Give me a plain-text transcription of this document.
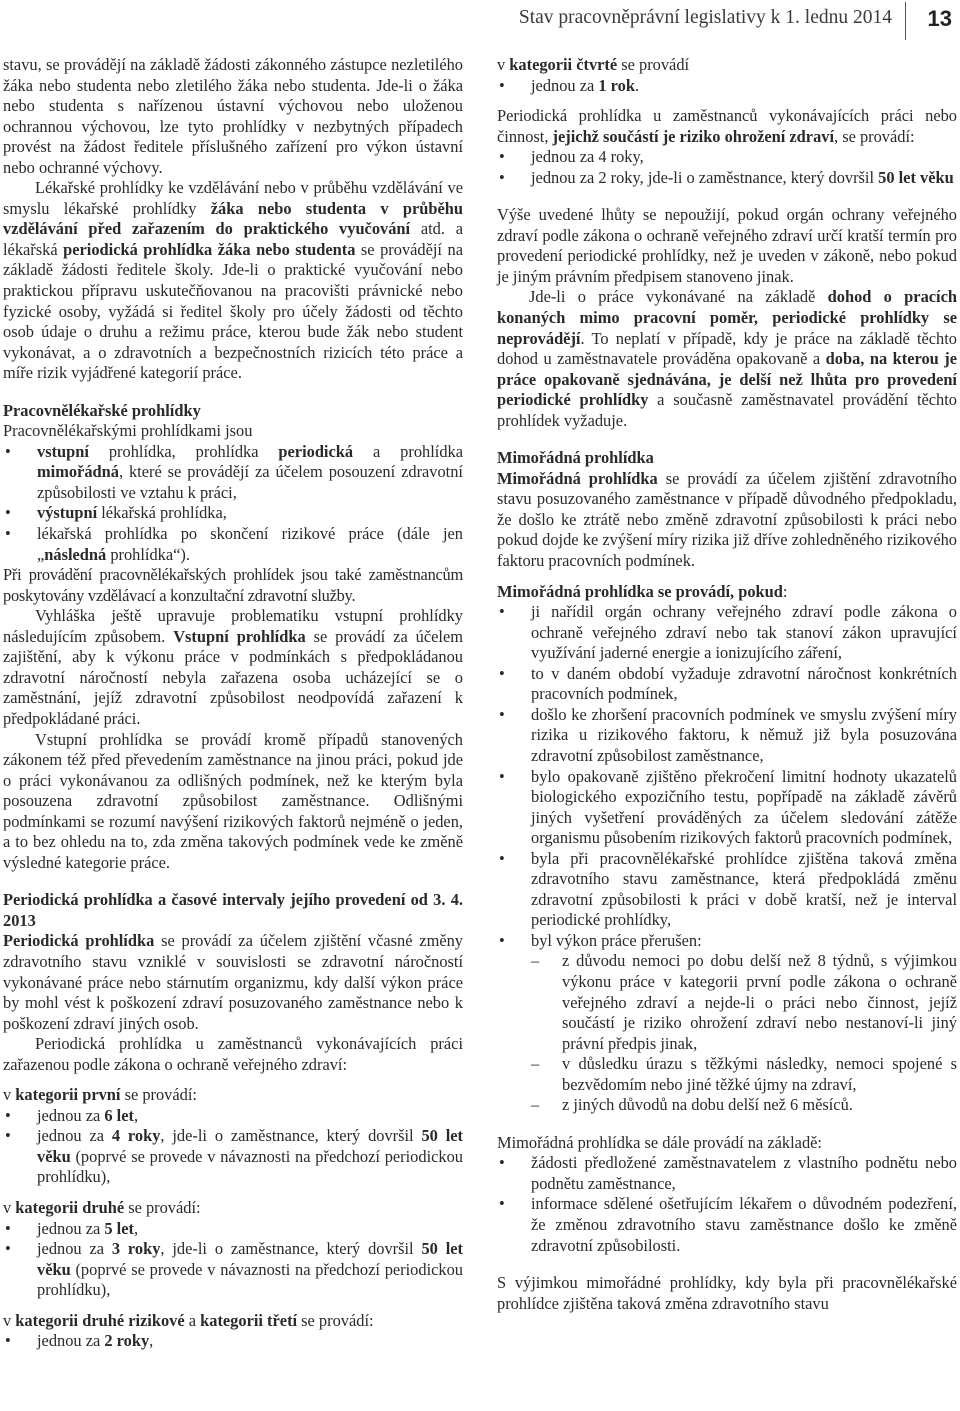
Stav pracovněprávní legislativy k 1. lednu 2014 13

stavu, se provádějí na základě žádosti zákonného zástupce nezletilého žáka nebo studenta nebo zletilého žáka nebo studenta. Jde-li o žáka nebo studenta s nařízenou ústavní výchovou nebo uloženou ochrannou výchovou, lze tyto prohlídky v nezbytných případech provést na žádost ředitele příslušného zařízení pro výkon ústavní nebo ochranné výchovy.

Lékařské prohlídky ke vzdělávání nebo v průběhu vzdělávání ve smyslu lékařské prohlídky žáka nebo studenta v průběhu vzdělávání před zařazením do praktického vyučování atd. a lékařská periodická prohlídka žáka nebo studenta se provádějí na základě žádosti ředitele školy. Jde-li o praktické vyučování nebo praktickou přípravu uskutečňovanou na pracovišti právnické nebo fyzické osoby, vyžádá si ředitel školy pro účely žádosti od těchto osob údaje o druhu a režimu práce, kterou bude žák nebo student vykonávat, a o zdravotních a bezpečnostních rizicích této práce a míře rizik vyjádřené kategorií práce.

Pracovnělékařské prohlídky

Pracovnělékařskými prohlídkami jsou

• vstupní prohlídka, prohlídka periodická a prohlídka mimořádná, které se provádějí za účelem posouzení zdravotní způsobilosti ve vztahu k práci,
• výstupní lékařská prohlídka,
• lékařská prohlídka po skončení rizikové práce (dále jen „následná prohlídka“).

Při provádění pracovnělékařských prohlídek jsou také zaměstnancům poskytovány vzdělávací a konzultační zdravotní služby.

Vyhláška ještě upravuje problematiku vstupní prohlídky následujícím způsobem. Vstupní prohlídka se provádí za účelem zajištění, aby k výkonu práce v podmínkách s předpokládanou zdravotní náročností nebyla zařazena osoba ucházející se o zaměstnání, jejíž zdravotní způsobilost neodpovídá zařazení k předpokládané práci.

Vstupní prohlídka se provádí kromě případů stanovených zákonem též před převedením zaměstnance na jinou práci, pokud jde o práci vykonávanou za odlišných podmínek, než ke kterým byla posouzena zdravotní způsobilost zaměstnance. Odlišnými podmínkami se rozumí navýšení rizikových faktorů nejméně o jeden, a to bez ohledu na to, zda změna takových podmínek vede ke změně výsledné kategorie práce.

Periodická prohlídka a časové intervaly jejího provedení od 3. 4. 2013

Periodická prohlídka se provádí za účelem zjištění včasné změny zdravotního stavu vzniklé v souvislosti se zdravotní náročností vykonávané práce nebo stárnutím organizmu, kdy další výkon práce by mohl vést k poškození zdraví posuzovaného zaměstnance nebo k poškození zdraví jiných osob.

Periodická prohlídka u zaměstnanců vykonávajících práci zařazenou podle zákona o ochraně veřejného zdraví:

v kategorii první se provádí:

• jednou za 6 let,
• jednou za 4 roky, jde-li o zaměstnance, který dovršil 50 let věku (poprvé se provede v návaznosti na předchozí periodickou prohlídku),

v kategorii druhé se provádí:

• jednou za 5 let,
• jednou za 3 roky, jde-li o zaměstnance, který dovršil 50 let věku (poprvé se provede v návaznosti na předchozí periodickou prohlídku),

v kategorii druhé rizikové a kategorii třetí se provádí:

• jednou za 2 roky,

v kategorii čtvrté se provádí

• jednou za 1 rok.

Periodická prohlídka u zaměstnanců vykonávajících práci nebo činnost, jejichž součástí je riziko ohrožení zdraví, se provádí:

• jednou za 4 roky,
• jednou za 2 roky, jde-li o zaměstnance, který dovršil 50 let věku

Výše uvedené lhůty se nepoužijí, pokud orgán ochrany veřejného zdraví podle zákona o ochraně veřejného zdraví určí kratší termín pro provedení periodické prohlídky, než je uveden v zákoně, nebo pokud je jiným právním předpisem stanoveno jinak.

Jde-li o práce vykonávané na základě dohod o pracích konaných mimo pracovní poměr, periodické prohlídky se neprovádějí. To neplatí v případě, kdy je práce na základě těchto dohod u zaměstnavatele prováděna opakovaně a doba, na kterou je práce opakovaně sjednávána, je delší než lhůta pro provedení periodické prohlídky a současně zaměstnavatel provádění těchto prohlídek vyžaduje.

Mimořádná prohlídka

Mimořádná prohlídka se provádí za účelem zjištění zdravotního stavu posuzovaného zaměstnance v případě důvodného předpokladu, že došlo ke ztrátě nebo změně zdravotní způsobilosti k práci nebo pokud dojde ke zvýšení míry rizika již dříve zohledněného rizikového faktoru pracovních podmínek.

Mimořádná prohlídka se provádí, pokud:

• ji nařídil orgán ochrany veřejného zdraví podle zákona o ochraně veřejného zdraví nebo tak stanoví zákon upravující využívání jaderné energie a ionizujícího záření,
• to v daném období vyžaduje zdravotní náročnost konkrétních pracovních podmínek,
• došlo ke zhoršení pracovních podmínek ve smyslu zvýšení míry rizika u rizikového faktoru, k němuž již byla posuzována zdravotní způsobilost zaměstnance,
• bylo opakovaně zjištěno překročení limitní hodnoty ukazatelů biologického expozičního testu, popřípadě na základě závěrů jiných vyšetření prováděných za účelem sledování zátěže organismu působením rizikových faktorů pracovních podmínek,
• byla při pracovnělékařské prohlídce zjištěna taková změna zdravotního stavu zaměstnance, která předpokládá změnu zdravotní způsobilosti k práci v době kratší, než je interval periodické prohlídky,
• byl výkon práce přerušen:
– z důvodu nemoci po dobu delší než 8 týdnů, s výjimkou výkonu práce v kategorii první podle zákona o ochraně veřejného zdraví a nejde-li o práci nebo činnost, jejíž součástí je riziko ohrožení zdraví nebo nestanoví-li jiný právní předpis jinak,
– v důsledku úrazu s těžkými následky, nemoci spojené s bezvědomím nebo jiné těžké újmy na zdraví,
– z jiných důvodů na dobu delší než 6 měsíců.

Mimořádná prohlídka se dále provádí na základě:

• žádosti předložené zaměstnavatelem z vlastního podnětu nebo podnětu zaměstnance,
• informace sdělené ošetřujícím lékařem o důvodném podezření, že změnou zdravotního stavu zaměstnance došlo ke změně zdravotní způsobilosti.

S výjimkou mimořádné prohlídky, kdy byla při pracovnělékařské prohlídce zjištěna taková změna zdravotního stavu
